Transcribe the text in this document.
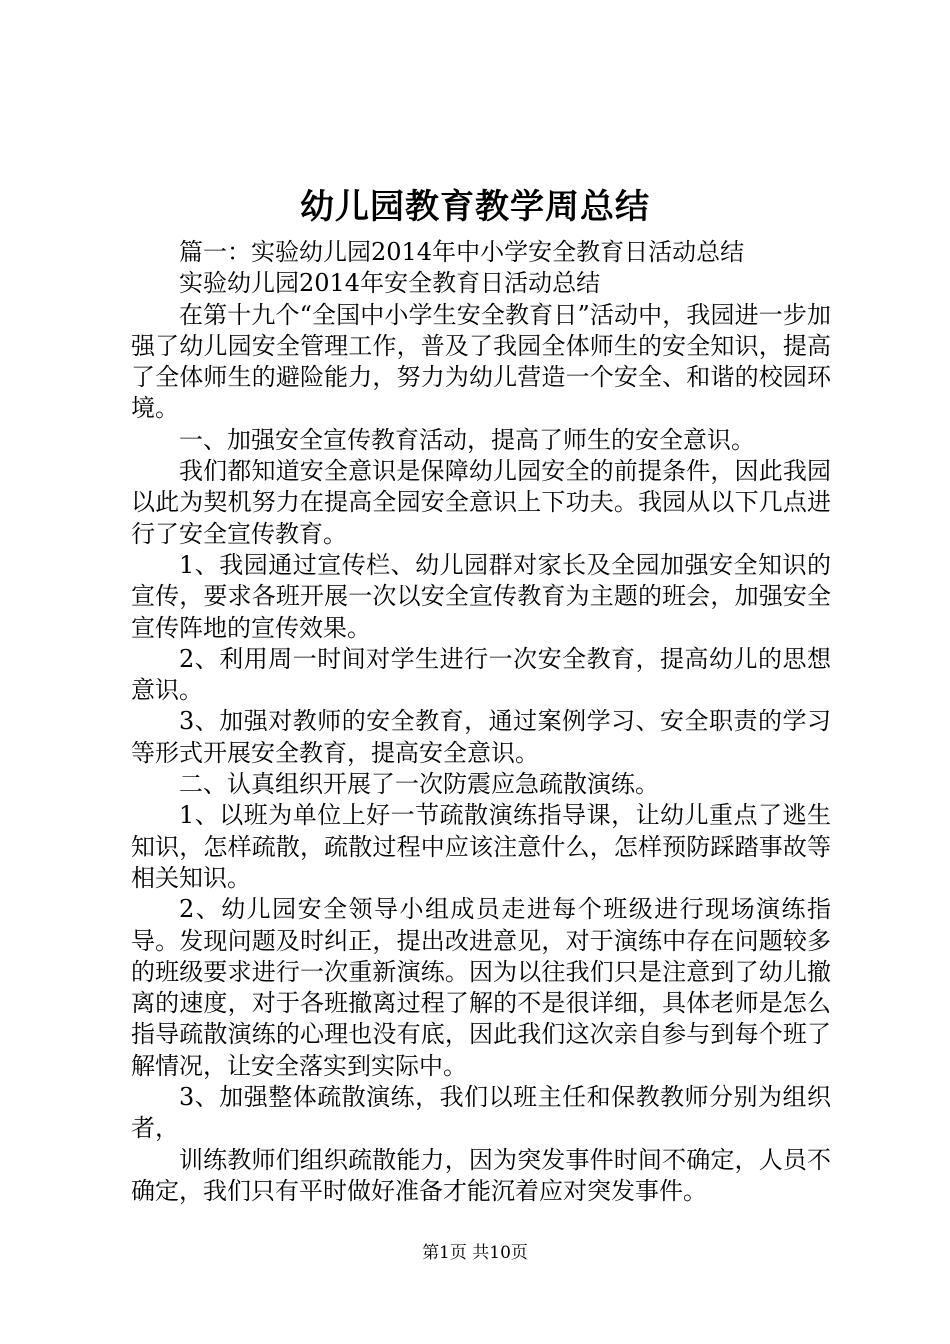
幼儿园教育教学周总结

篇一：实验幼儿园2014年中小学安全教育日活动总结

实验幼儿园2014年安全教育日活动总结

在第十九个“全国中小学生安全教育日”活动中，我园进一步加强了幼儿园安全管理工作，普及了我园全体师生的安全知识，提高了全体师生的避险能力，努力为幼儿营造一个安全、和谐的校园环境。

一、加强安全宣传教育活动，提高了师生的安全意识。

我们都知道安全意识是保障幼儿园安全的前提条件，因此我园以此为契机努力在提高全园安全意识上下功夫。我园从以下几点进行了安全宣传教育。

1、我园通过宣传栏、幼儿园群对家长及全园加强安全知识的宣传，要求各班开展一次以安全宣传教育为主题的班会，加强安全宣传阵地的宣传效果。

2、利用周一时间对学生进行一次安全教育，提高幼儿的思想意识。

3、加强对教师的安全教育，通过案例学习、安全职责的学习等形式开展安全教育，提高安全意识。

二、认真组织开展了一次防震应急疏散演练。

1、以班为单位上好一节疏散演练指导课，让幼儿重点了逃生知识，怎样疏散，疏散过程中应该注意什么，怎样预防踩踏事故等相关知识。

2、幼儿园安全领导小组成员走进每个班级进行现场演练指导。发现问题及时纠正，提出改进意见，对于演练中存在问题较多的班级要求进行一次重新演练。因为以往我们只是注意到了幼儿撤离的速度，对于各班撤离过程了解的不是很详细，具体老师是怎么指导疏散演练的心理也没有底，因此我们这次亲自参与到每个班了解情况，让安全落实到实际中。

3、加强整体疏散演练，我们以班主任和保教教师分别为组织者，

训练教师们组织疏散能力，因为突发事件时间不确定，人员不确定，我们只有平时做好准备才能沉着应对突发事件。

第1页 共10页
